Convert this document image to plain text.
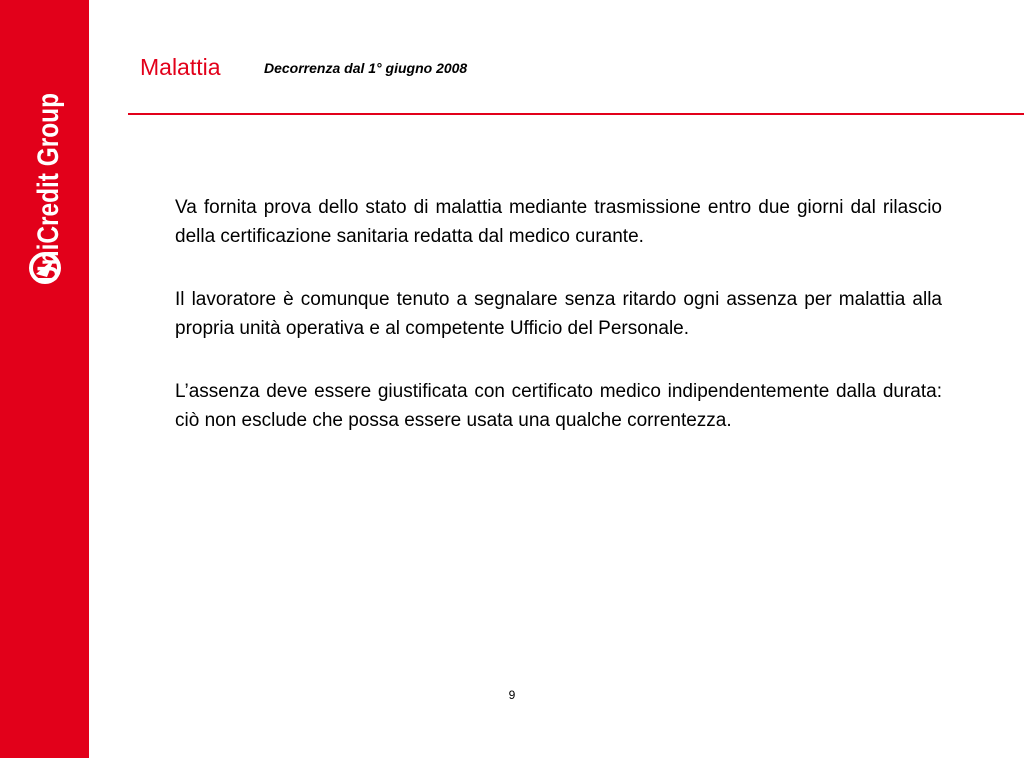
UniCredit Group	Malattia	Decorrenza dal 1° giugno 2008

Va fornita prova dello stato di malattia mediante trasmissione entro due giorni dal rilascio della certificazione sanitaria redatta dal medico curante.

Il lavoratore è comunque tenuto a segnalare senza ritardo ogni assenza per malattia alla propria unità operativa e al competente Ufficio del Personale.

L’assenza deve essere giustificata con certificato medico indipendentemente dalla durata: ciò non esclude che possa essere usata una qualche correntezza.

9
